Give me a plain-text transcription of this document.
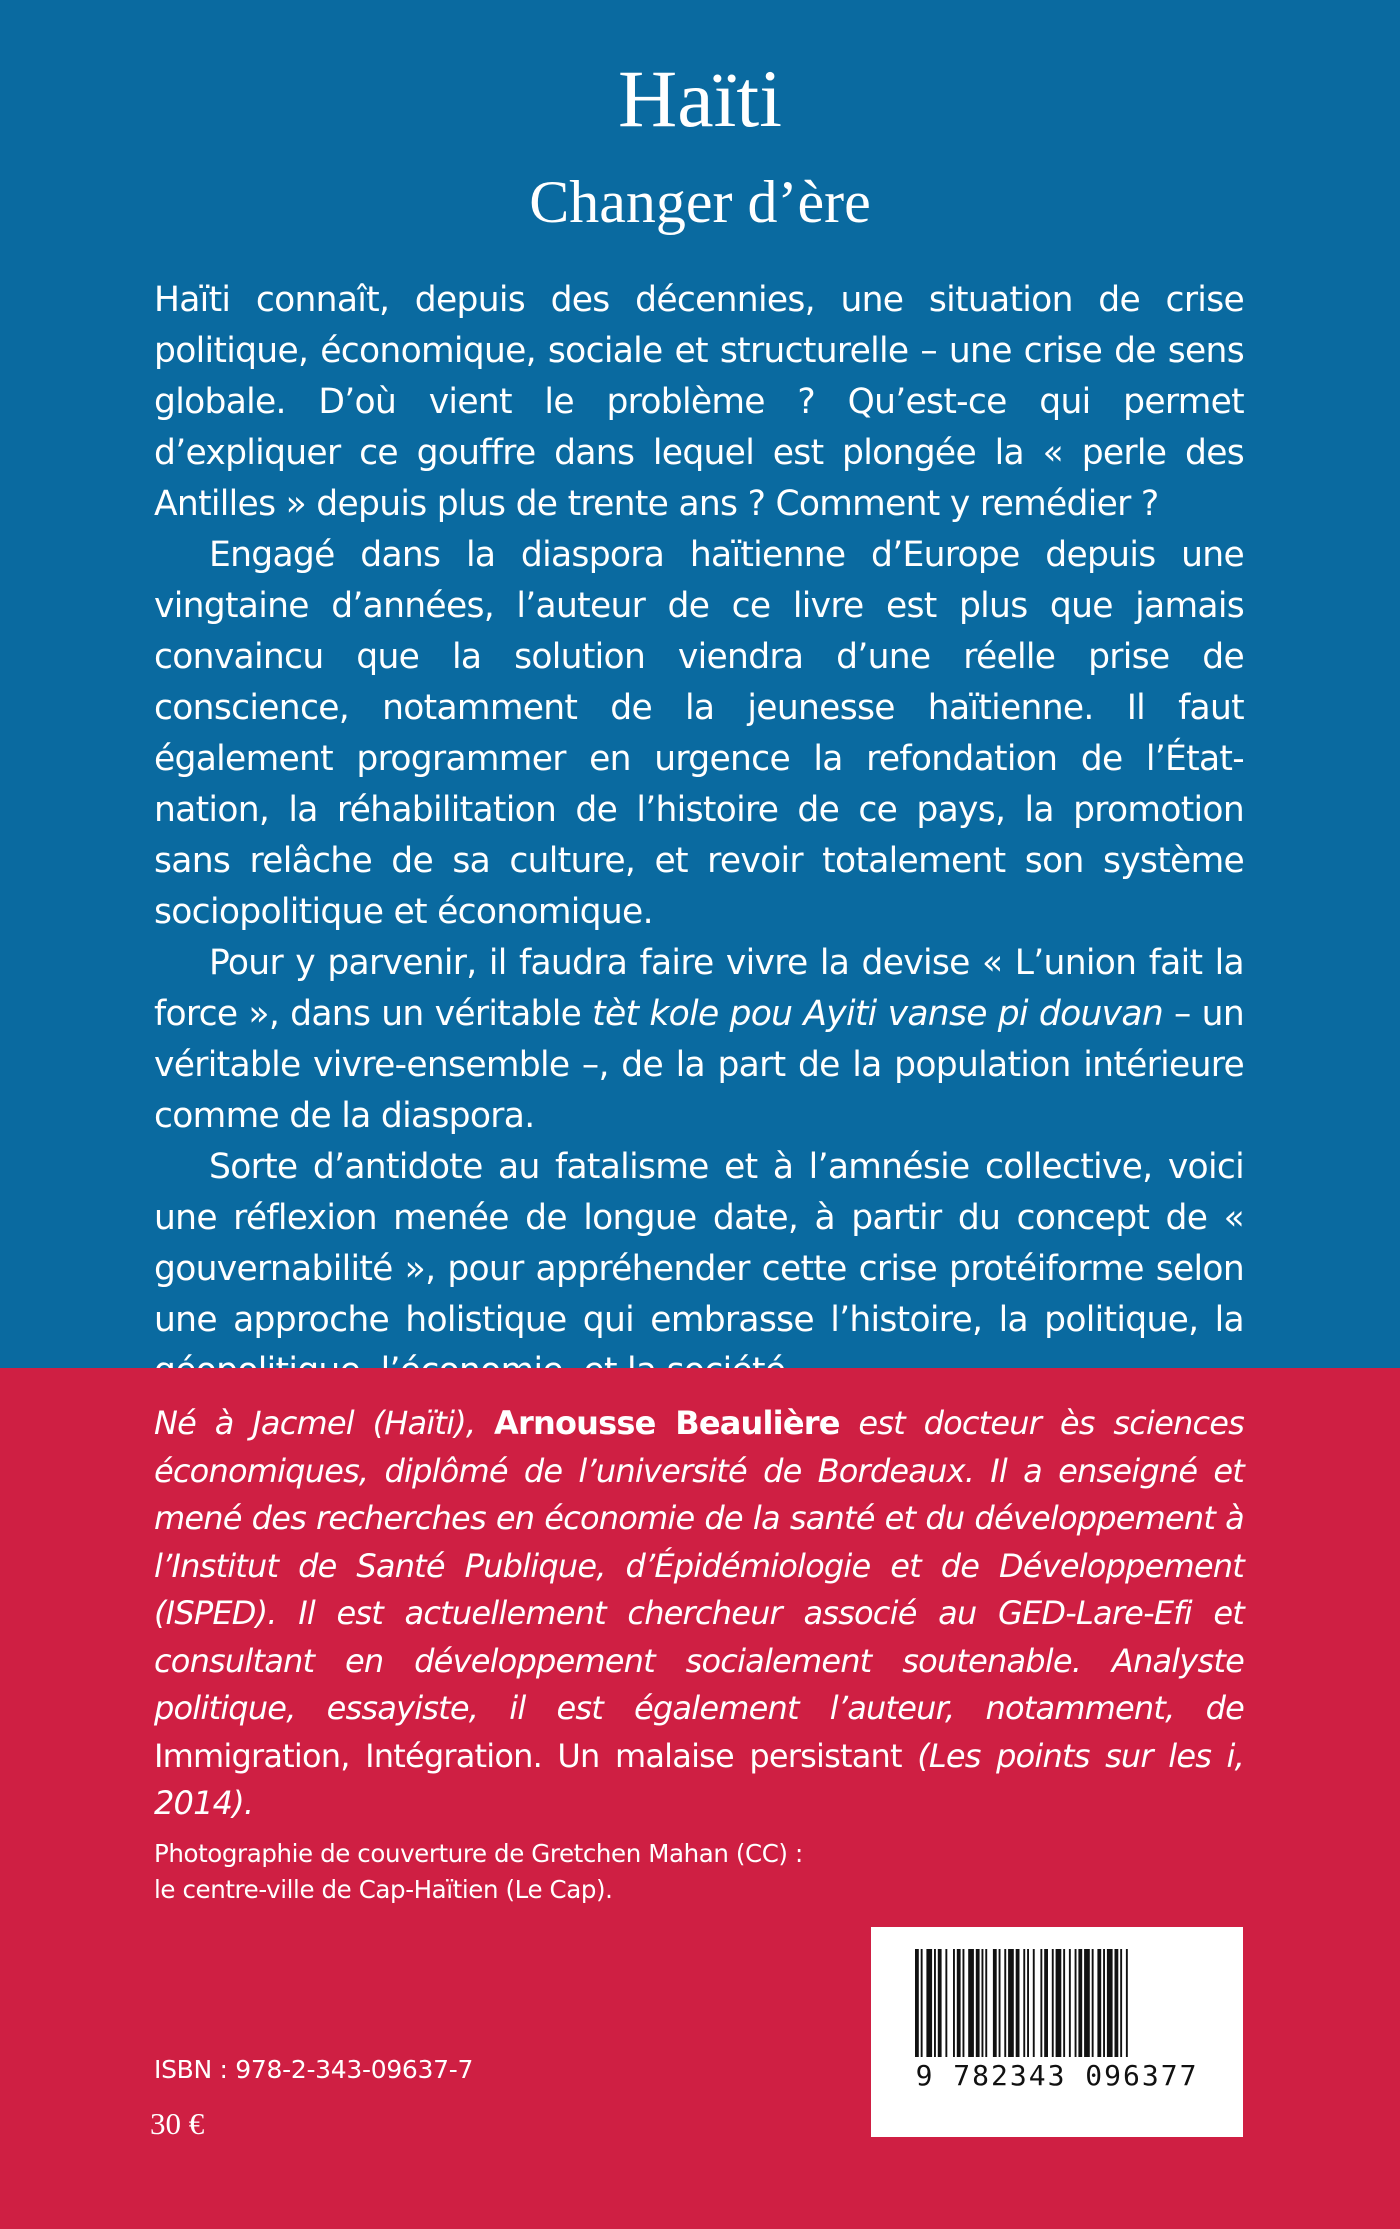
Haïti
Changer d’ère

Haïti connaît, depuis des décennies, une situation de crise politique, économique, sociale et structurelle – une crise de sens globale. D’où vient le problème ? Qu’est-ce qui permet d’expliquer ce gouffre dans lequel est plongée la « perle des Antilles » depuis plus de trente ans ? Comment y remédier ?

Engagé dans la diaspora haïtienne d’Europe depuis une vingtaine d’années, l’auteur de ce livre est plus que jamais convaincu que la solution viendra d’une réelle prise de conscience, notamment de la jeunesse haïtienne. Il faut également programmer en urgence la refondation de l’État-nation, la réhabilitation de l’histoire de ce pays, la promotion sans relâche de sa culture, et revoir totalement son système sociopolitique et économique.

Pour y parvenir, il faudra faire vivre la devise « L’union fait la force », dans un véritable tèt kole pou Ayiti vanse pi douvan – un véritable vivre-ensemble –, de la part de la population intérieure comme de la diaspora.

Sorte d’antidote au fatalisme et à l’amnésie collective, voici une réflexion menée de longue date, à partir du concept de « gouvernabilité », pour appréhender cette crise protéiforme selon une approche holistique qui embrasse l’histoire, la politique, la

Né à Jacmel (Haïti), Arnousse Beaulière est docteur ès sciences économiques, diplômé de l’université de Bordeaux. Il a enseigné et mené des recherches en économie de la santé et du développement à l’Institut de Santé Publique, d’Épidémiologie et de Développement (ISPED). Il est actuellement chercheur associé au GED-Lare-Efi et consultant en développement socialement soutenable. Analyste politique, essayiste, il est également l’auteur, notamment, de Immigration, Intégration. Un malaise persistant (Les points sur les i, 2014).
Photographie de couverture de Gretchen Mahan (CC) :
le centre-ville de Cap-Haïtien (Le Cap).
ISBN : 978-2-343-09637-7
30 €
9 782343 096377
